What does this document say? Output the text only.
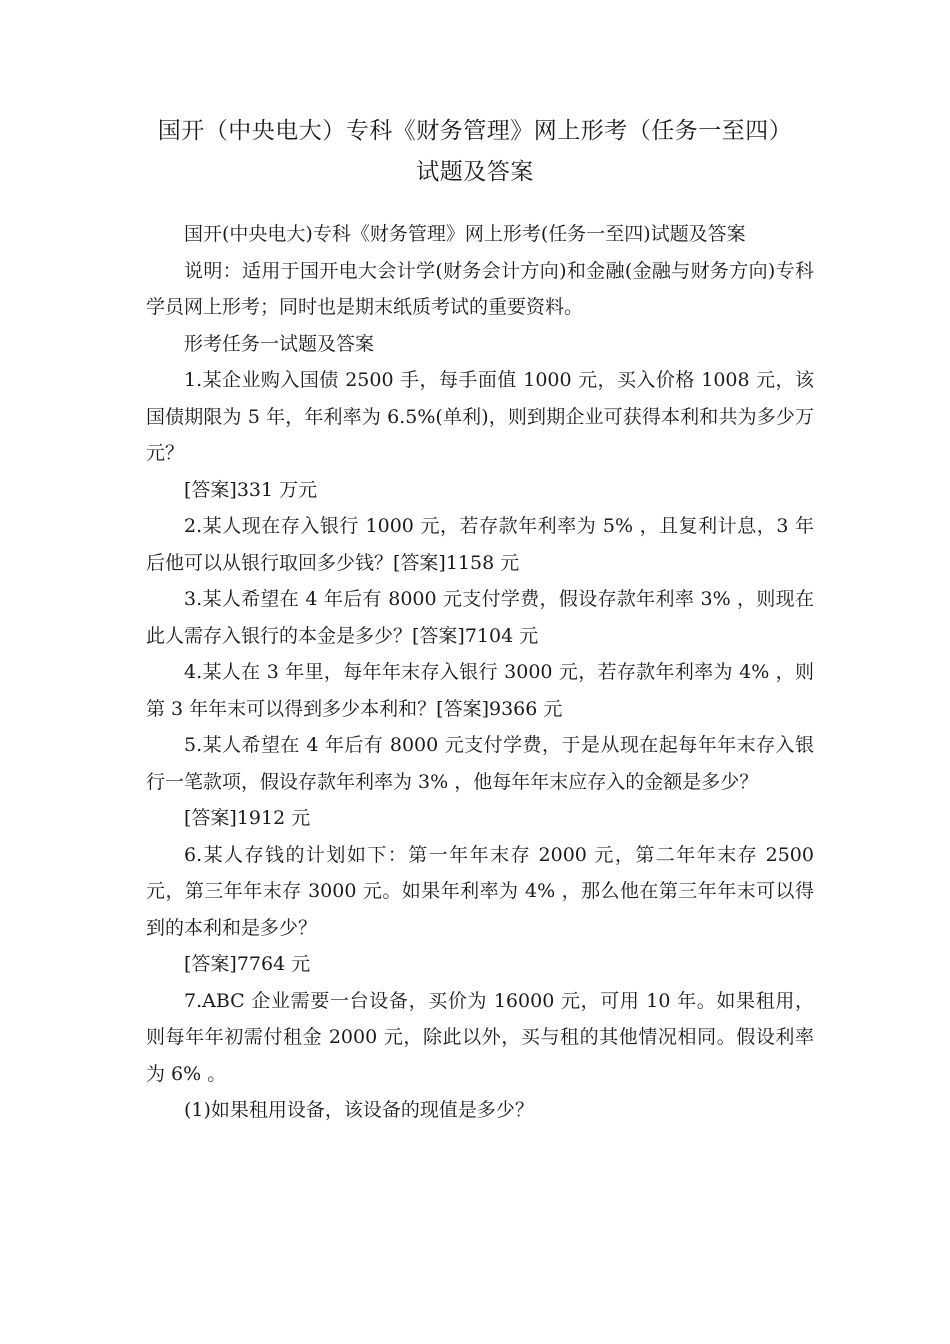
国开（中央电大）专科《财务管理》网上形考（任务一至四）
试题及答案

国开(中央电大)专科《财务管理》网上形考(任务一至四)试题及答案

说明：适用于国开电大会计学(财务会计方向)和金融(金融与财务方向)专科学员网上形考；同时也是期末纸质考试的重要资料。

形考任务一试题及答案

1.某企业购入国债 2500 手，每手面值 1000 元，买入价格 1008 元，该国债期限为 5 年，年利率为 6.5%(单利)，则到期企业可获得本利和共为多少万元？

[答案]331 万元

2.某人现在存入银行 1000 元，若存款年利率为 5% ，且复利计息，3 年后他可以从银行取回多少钱？[答案]1158 元

3.某人希望在 4 年后有 8000 元支付学费，假设存款年利率 3% ，则现在此人需存入银行的本金是多少？[答案]7104 元

4.某人在 3 年里，每年年末存入银行 3000 元，若存款年利率为 4% ，则第 3 年年末可以得到多少本利和？[答案]9366 元

5.某人希望在 4 年后有 8000 元支付学费，于是从现在起每年年末存入银行一笔款项，假设存款年利率为 3% ，他每年年末应存入的金额是多少？

[答案]1912 元

6.某人存钱的计划如下：第一年年末存 2000 元，第二年年末存 2500 元，第三年年末存 3000 元。如果年利率为 4% ，那么他在第三年年末可以得到的本利和是多少？

[答案]7764 元

7.ABC 企业需要一台设备，买价为 16000 元，可用 10 年。如果租用，则每年年初需付租金 2000 元，除此以外，买与租的其他情况相同。假设利率为 6% 。

(1)如果租用设备，该设备的现值是多少？
